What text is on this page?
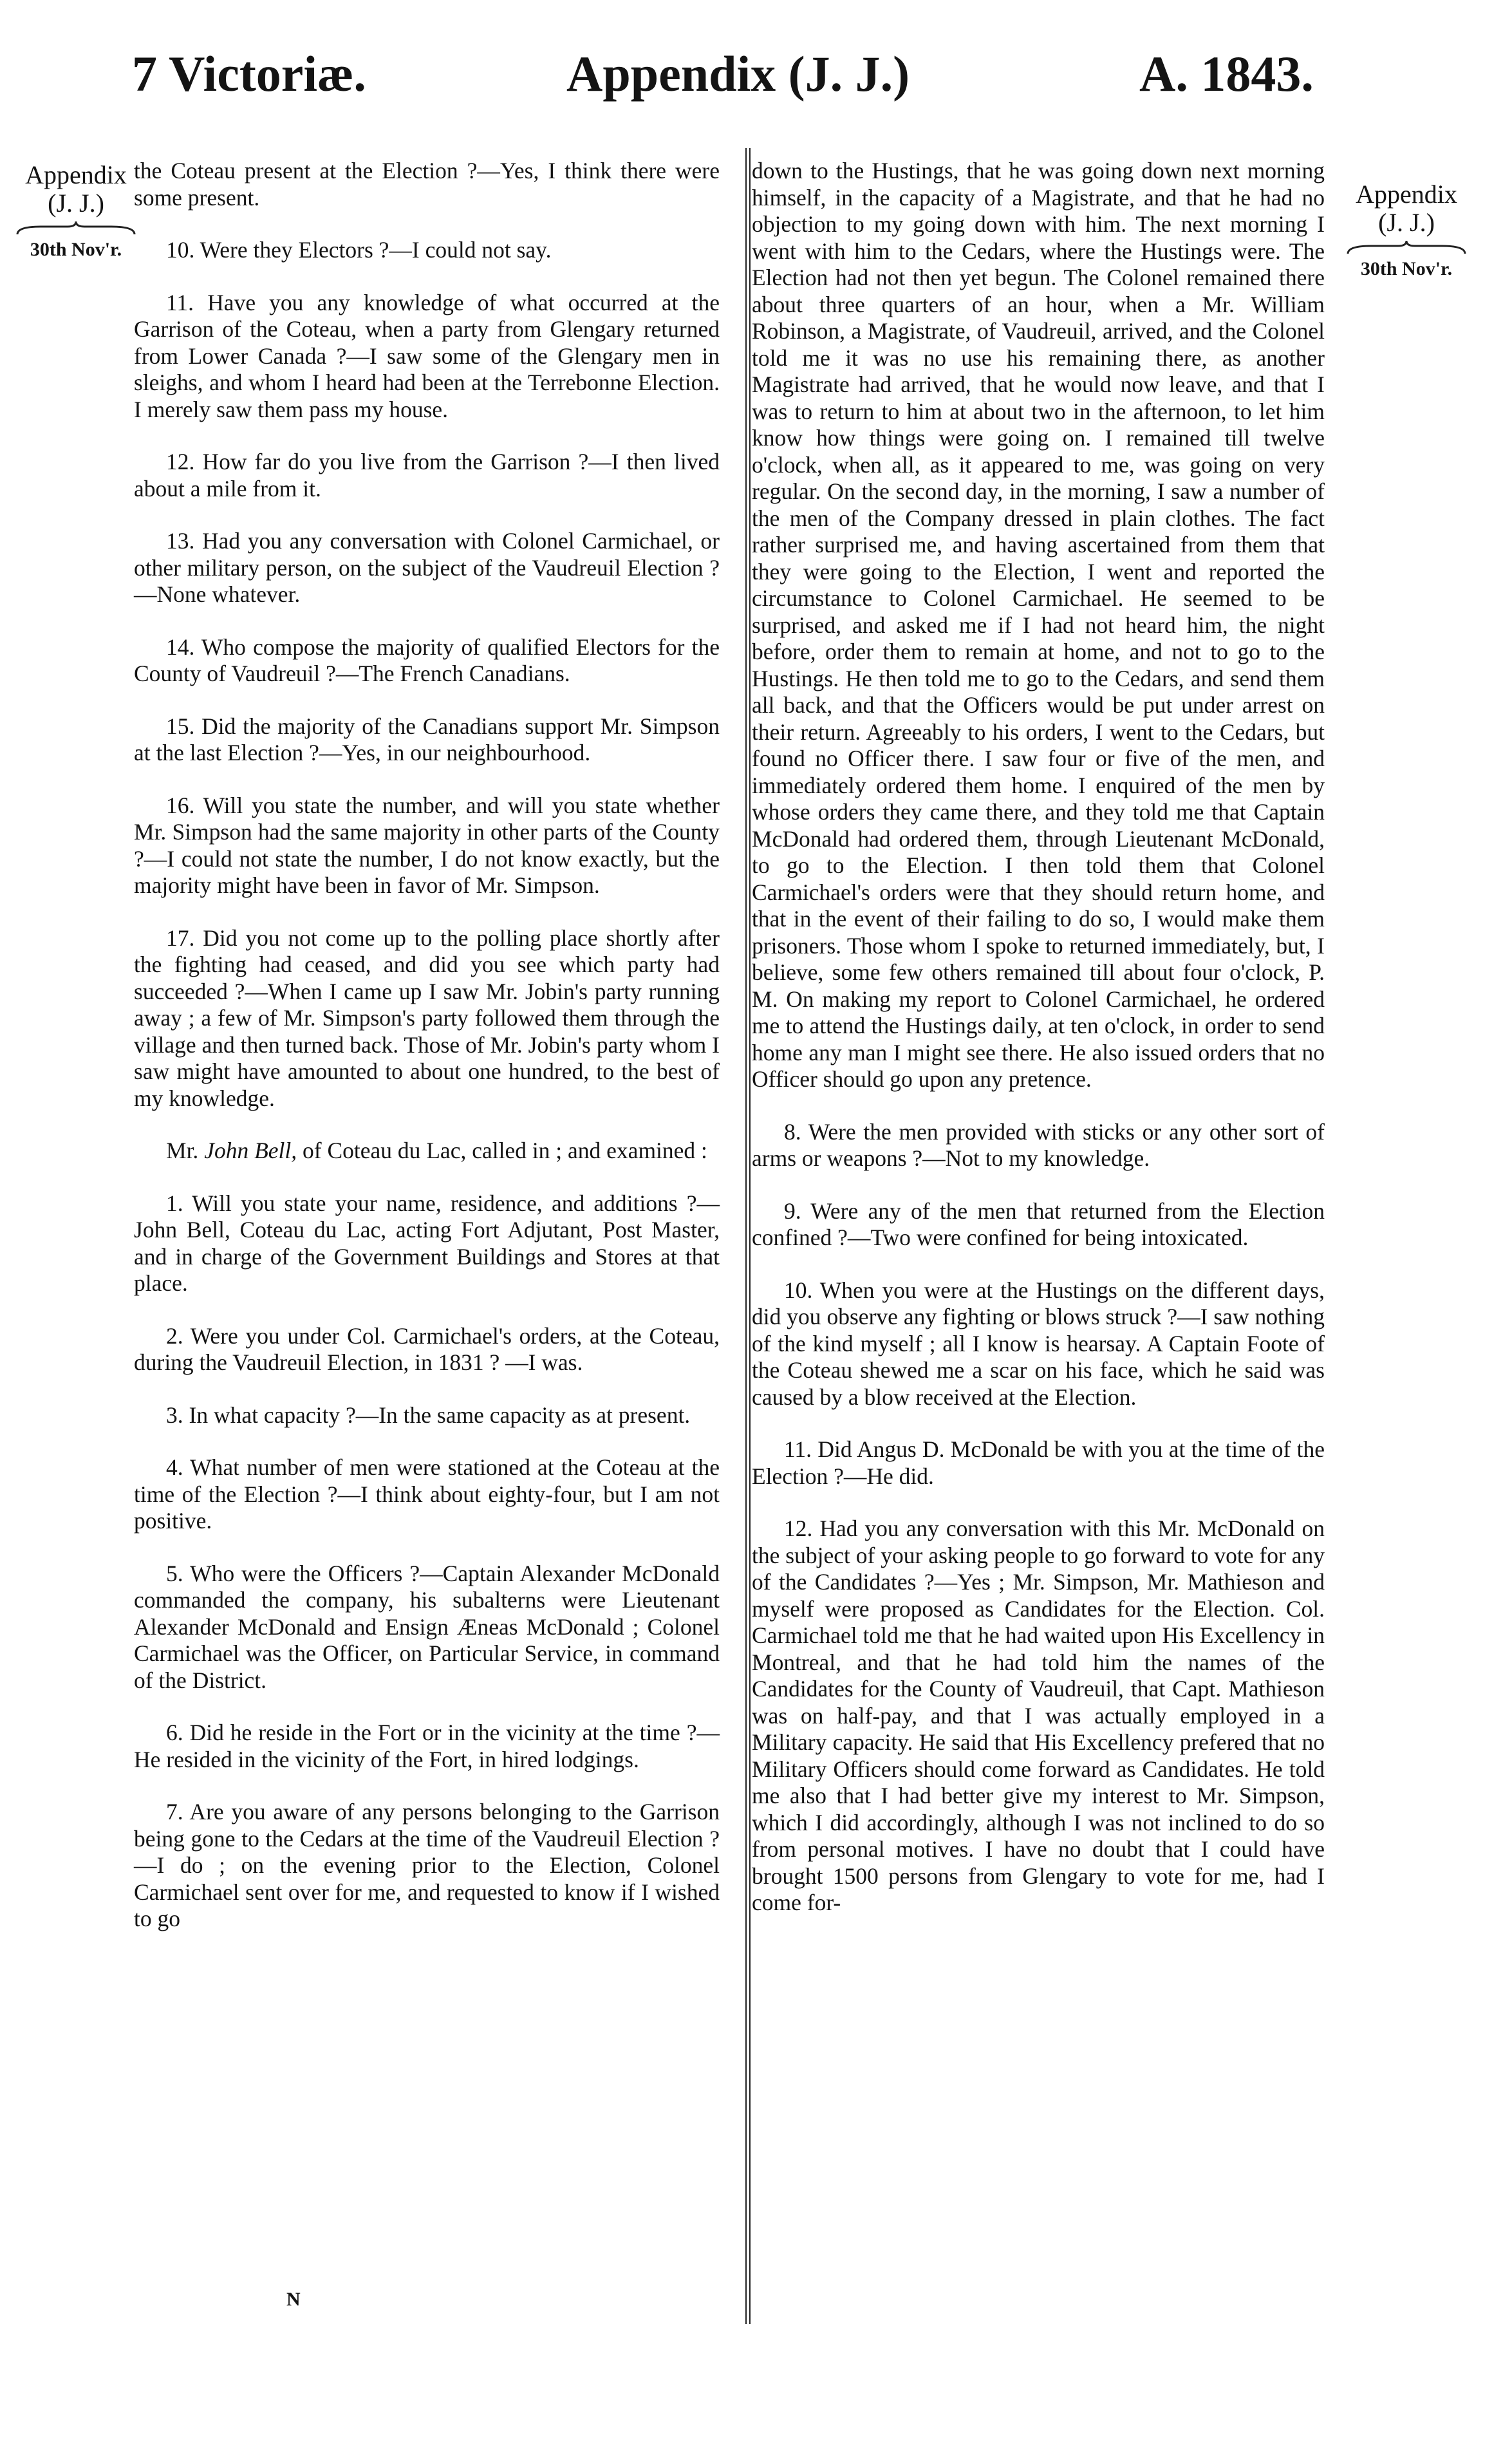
7 Victoriæ.	Appendix (J. J.)	A. 1843.
Appendix
(J. J.)
30th Nov'r.
Appendix
(J. J.)
30th Nov'r.

the Coteau present at the Election ?—Yes, I think there were some present.

10. Were they Electors ?—I could not say.

11. Have you any knowledge of what occurred at the Garrison of the Coteau, when a party from Glengary returned from Lower Canada ?—I saw some of the Glengary men in sleighs, and whom I heard had been at the Terrebonne Election. I merely saw them pass my house.

12. How far do you live from the Garrison ?—I then lived about a mile from it.

13. Had you any conversation with Colonel Carmichael, or other military person, on the subject of the Vaudreuil Election ?—None whatever.

14. Who compose the majority of qualified Electors for the County of Vaudreuil ?—The French Canadians.

15. Did the majority of the Canadians support Mr. Simpson at the last Election ?—Yes, in our neighbourhood.

16. Will you state the number, and will you state whether Mr. Simpson had the same majority in other parts of the County ?—I could not state the number, I do not know exactly, but the majority might have been in favor of Mr. Simpson.

17. Did you not come up to the polling place shortly after the fighting had ceased, and did you see which party had succeeded ?—When I came up I saw Mr. Jobin's party running away ; a few of Mr. Simpson's party followed them through the village and then turned back. Those of Mr. Jobin's party whom I saw might have amounted to about one hundred, to the best of my knowledge.

Mr. John Bell, of Coteau du Lac, called in ; and examined :

1. Will you state your name, residence, and additions ?—John Bell, Coteau du Lac, acting Fort Adjutant, Post Master, and in charge of the Government Buildings and Stores at that place.

2. Were you under Col. Carmichael's orders, at the Coteau, during the Vaudreuil Election, in 1831 ? —I was.

3. In what capacity ?—In the same capacity as at present.

4. What number of men were stationed at the Coteau at the time of the Election ?—I think about eighty-four, but I am not positive.

5. Who were the Officers ?—Captain Alexander McDonald commanded the company, his subalterns were Lieutenant Alexander McDonald and Ensign Æneas McDonald ; Colonel Carmichael was the Officer, on Particular Service, in command of the District.

6. Did he reside in the Fort or in the vicinity at the time ?—He resided in the vicinity of the Fort, in hired lodgings.

7. Are you aware of any persons belonging to the Garrison being gone to the Cedars at the time of the Vaudreuil Election ?—I do ; on the evening prior to the Election, Colonel Carmichael sent over for me, and requested to know if I wished to go

down to the Hustings, that he was going down next morning himself, in the capacity of a Magistrate, and that he had no objection to my going down with him. The next morning I went with him to the Cedars, where the Hustings were. The Election had not then yet begun. The Colonel remained there about three quarters of an hour, when a Mr. William Robinson, a Magistrate, of Vaudreuil, arrived, and the Colonel told me it was no use his remaining there, as another Magistrate had arrived, that he would now leave, and that I was to return to him at about two in the afternoon, to let him know how things were going on. I remained till twelve o'clock, when all, as it appeared to me, was going on very regular. On the second day, in the morning, I saw a number of the men of the Company dressed in plain clothes. The fact rather surprised me, and having ascertained from them that they were going to the Election, I went and reported the circumstance to Colonel Carmichael. He seemed to be surprised, and asked me if I had not heard him, the night before, order them to remain at home, and not to go to the Hustings. He then told me to go to the Cedars, and send them all back, and that the Officers would be put under arrest on their return. Agreeably to his orders, I went to the Cedars, but found no Officer there. I saw four or five of the men, and immediately ordered them home. I enquired of the men by whose orders they came there, and they told me that Captain McDonald had ordered them, through Lieutenant McDonald, to go to the Election. I then told them that Colonel Carmichael's orders were that they should return home, and that in the event of their failing to do so, I would make them prisoners. Those whom I spoke to returned immediately, but, I believe, some few others remained till about four o'clock, P. M. On making my report to Colonel Carmichael, he ordered me to attend the Hustings daily, at ten o'clock, in order to send home any man I might see there. He also issued orders that no Officer should go upon any pretence.

8. Were the men provided with sticks or any other sort of arms or weapons ?—Not to my knowledge.

9. Were any of the men that returned from the Election confined ?—Two were confined for being intoxicated.

10. When you were at the Hustings on the different days, did you observe any fighting or blows struck ?—I saw nothing of the kind myself ; all I know is hearsay. A Captain Foote of the Coteau shewed me a scar on his face, which he said was caused by a blow received at the Election.

11. Did Angus D. McDonald be with you at the time of the Election ?—He did.

12. Had you any conversation with this Mr. McDonald on the subject of your asking people to go forward to vote for any of the Candidates ?—Yes ; Mr. Simpson, Mr. Mathieson and myself were proposed as Candidates for the Election. Col. Carmichael told me that he had waited upon His Excellency in Montreal, and that he had told him the names of the Candidates for the County of Vaudreuil, that Capt. Mathieson was on half-pay, and that I was actually employed in a Military capacity. He said that His Excellency prefered that no Military Officers should come forward as Candidates. He told me also that I had better give my interest to Mr. Simpson, which I did accordingly, although I was not inclined to do so from personal motives. I have no doubt that I could have brought 1500 persons from Glengary to vote for me, had I come for-

N
